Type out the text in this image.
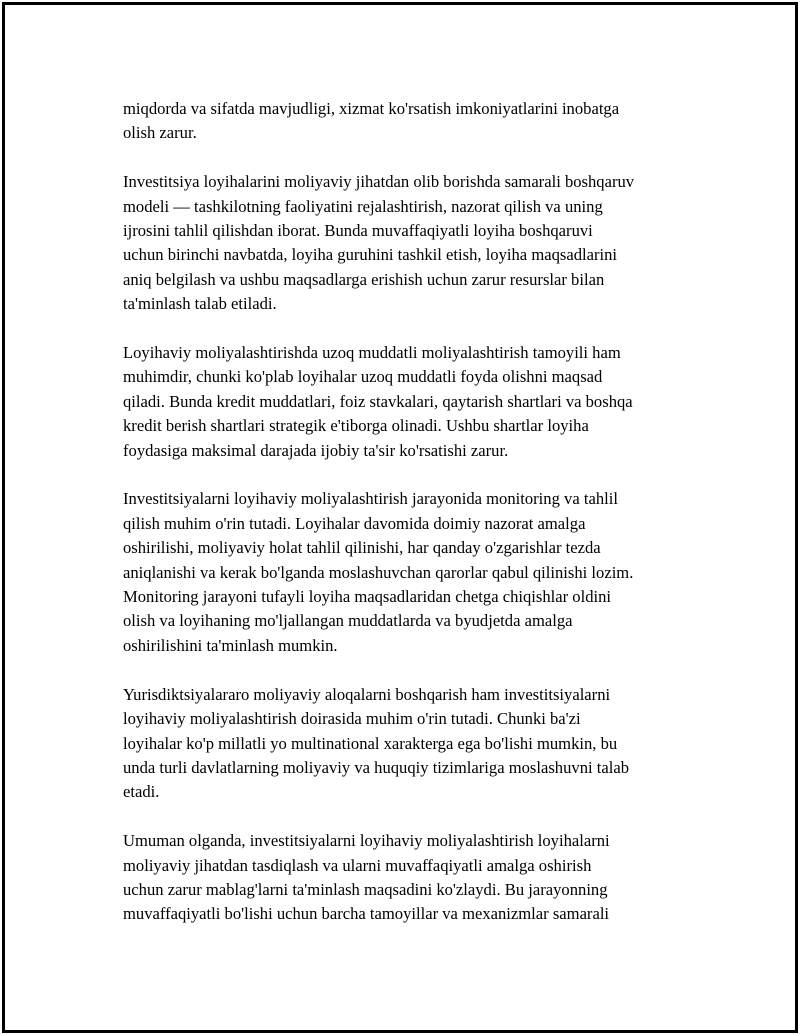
miqdorda va sifatda mavjudligi, xizmat ko'rsatish imkoniyatlarini inobatga
olish zarur.
Investitsiya loyihalarini moliyaviy jihatdan olib borishda samarali boshqaruv
modeli — tashkilotning faoliyatini rejalashtirish, nazorat qilish va uning
ijrosini tahlil qilishdan iborat. Bunda muvaffaqiyatli loyiha boshqaruvi
uchun birinchi navbatda, loyiha guruhini tashkil etish, loyiha maqsadlarini
aniq belgilash va ushbu maqsadlarga erishish uchun zarur resurslar bilan
ta'minlash talab etiladi.
Loyihaviy moliyalashtirishda uzoq muddatli moliyalashtirish tamoyili ham
muhimdir, chunki ko'plab loyihalar uzoq muddatli foyda olishni maqsad
qiladi. Bunda kredit muddatlari, foiz stavkalari, qaytarish shartlari va boshqa
kredit berish shartlari strategik e'tiborga olinadi. Ushbu shartlar loyiha
foydasiga maksimal darajada ijobiy ta'sir ko'rsatishi zarur.
Investitsiyalarni loyihaviy moliyalashtirish jarayonida monitoring va tahlil
qilish muhim o'rin tutadi. Loyihalar davomida doimiy nazorat amalga
oshirilishi, moliyaviy holat tahlil qilinishi, har qanday o'zgarishlar tezda
aniqlanishi va kerak bo'lganda moslashuvchan qarorlar qabul qilinishi lozim.
Monitoring jarayoni tufayli loyiha maqsadlaridan chetga chiqishlar oldini
olish va loyihaning mo'ljallangan muddatlarda va byudjetda amalga
oshirilishini ta'minlash mumkin.
Yurisdiktsiyalararo moliyaviy aloqalarni boshqarish ham investitsiyalarni
loyihaviy moliyalashtirish doirasida muhim o'rin tutadi. Chunki ba'zi
loyihalar ko'p millatli yo multinational xarakterga ega bo'lishi mumkin, bu
unda turli davlatlarning moliyaviy va huquqiy tizimlariga moslashuvni talab
etadi.
Umuman olganda, investitsiyalarni loyihaviy moliyalashtirish loyihalarni
moliyaviy jihatdan tasdiqlash va ularni muvaffaqiyatli amalga oshirish
uchun zarur mablag'larni ta'minlash maqsadini ko'zlaydi. Bu jarayonning
muvaffaqiyatli bo'lishi uchun barcha tamoyillar va mexanizmlar samarali
